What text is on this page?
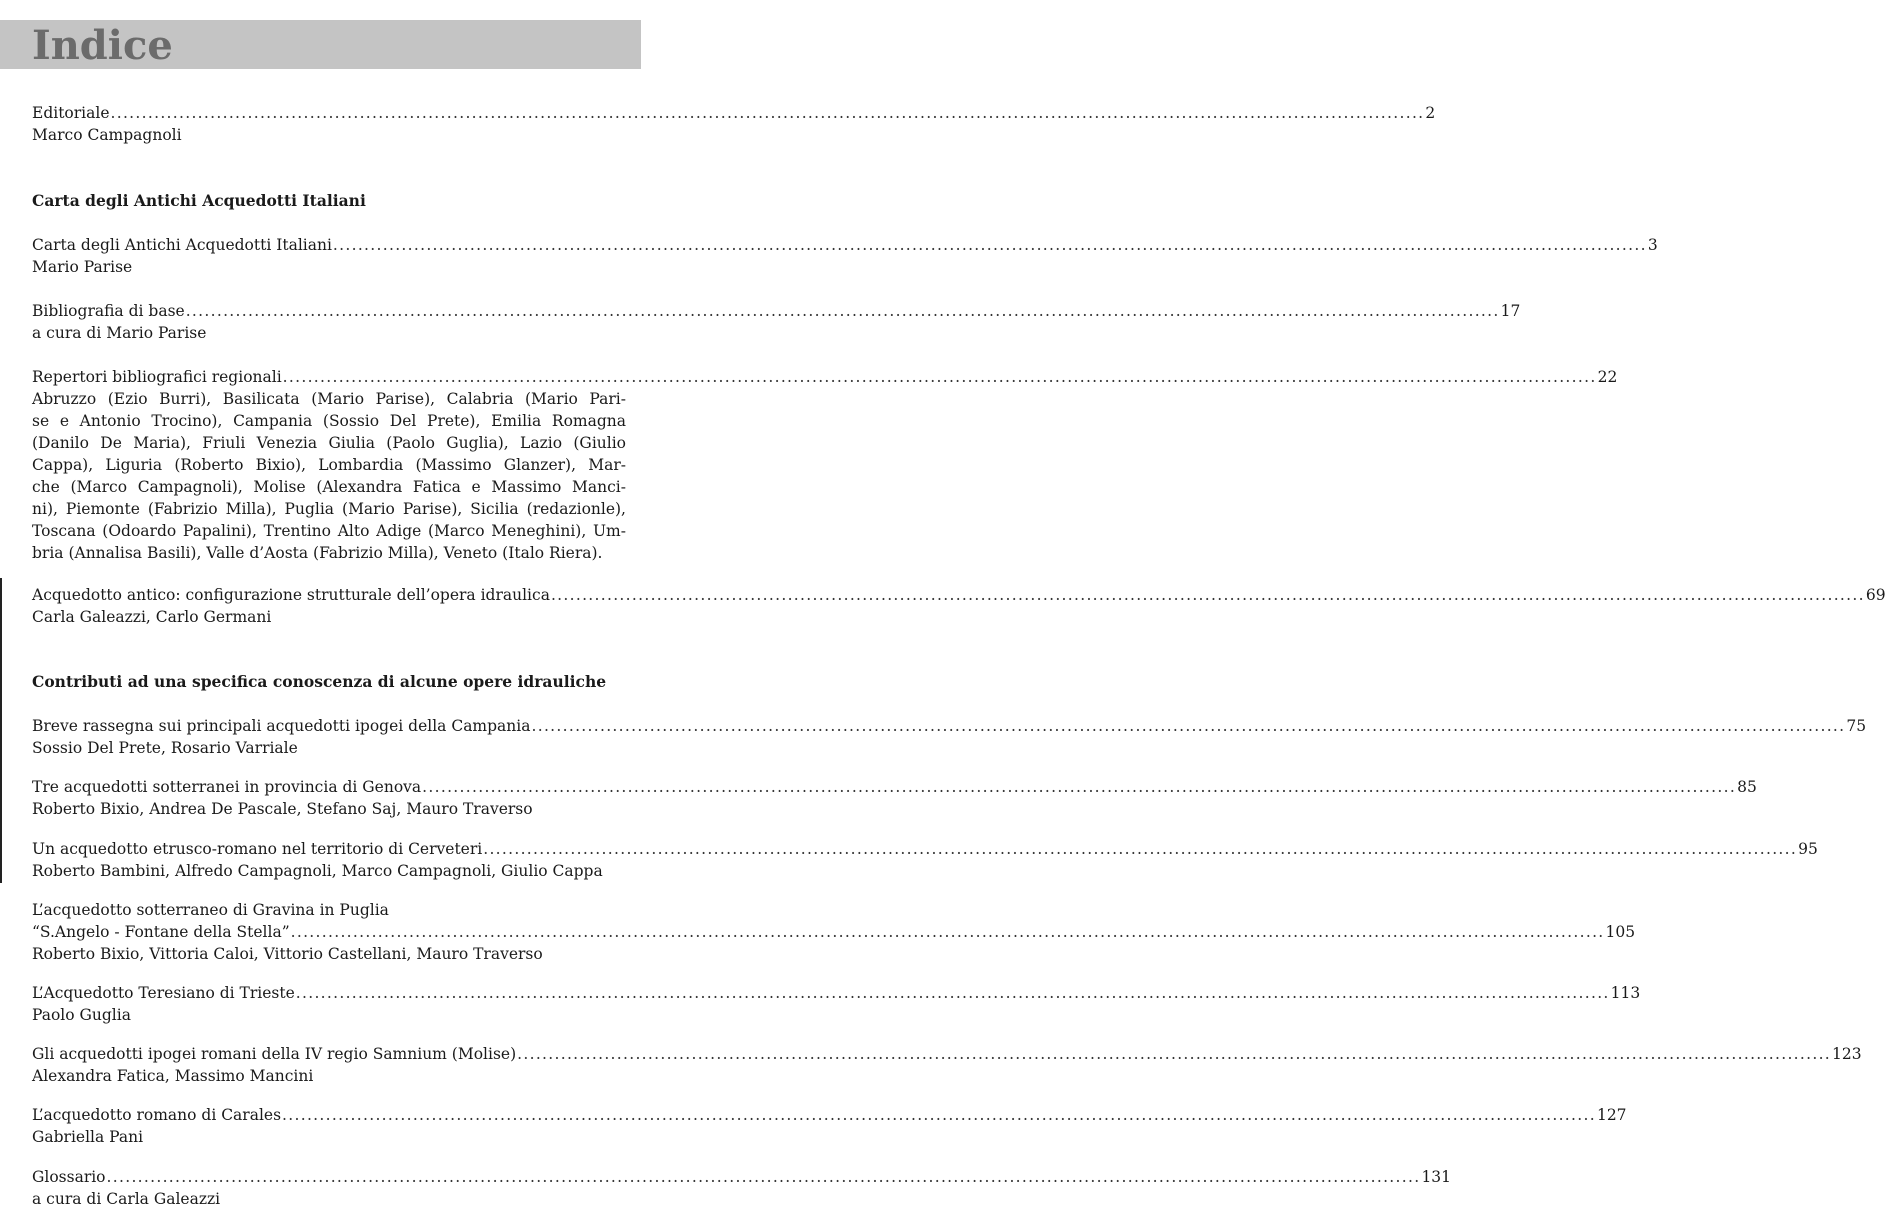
Indice
Editoriale ................................................................................................................................................................................................................... 2
Marco Campagnoli
Carta degli Antichi Acquedotti Italiani
Carta degli Antichi Acquedotti Italiani ................................................................................................................................................................................................................... 3
Mario Parise
Bibliografia di base ................................................................................................................................................................................................................... 17
a cura di Mario Parise
Repertori bibliografici regionali ................................................................................................................................................................................................................... 22
Abruzzo (Ezio Burri), Basilicata (Mario Parise), Calabria (Mario Pari-
se e Antonio Trocino), Campania (Sossio Del Prete), Emilia Romagna
(Danilo De Maria), Friuli Venezia Giulia (Paolo Guglia), Lazio (Giulio
Cappa), Liguria (Roberto Bixio), Lombardia (Massimo Glanzer), Mar-
che (Marco Campagnoli), Molise (Alexandra Fatica e Massimo Manci-
ni), Piemonte (Fabrizio Milla), Puglia (Mario Parise), Sicilia (redazionle),
Toscana (Odoardo Papalini), Trentino Alto Adige (Marco Meneghini), Um-
bria (Annalisa Basili), Valle d’Aosta (Fabrizio Milla), Veneto (Italo Riera).
Acquedotto antico: configurazione strutturale dell’opera idraulica ................................................................................................................................................................................................................... 69
Carla Galeazzi, Carlo Germani
Contributi ad una specifica conoscenza di alcune opere idrauliche
Breve rassegna sui principali acquedotti ipogei della Campania ................................................................................................................................................................................................................... 75
Sossio Del Prete, Rosario Varriale
Tre acquedotti sotterranei in provincia di Genova ................................................................................................................................................................................................................... 85
Roberto Bixio, Andrea De Pascale, Stefano Saj, Mauro Traverso
Un acquedotto etrusco-romano nel territorio di Cerveteri ................................................................................................................................................................................................................... 95
Roberto Bambini, Alfredo Campagnoli, Marco Campagnoli, Giulio Cappa
L’acquedotto sotterraneo di Gravina in Puglia
“S.Angelo - Fontane della Stella” ................................................................................................................................................................................................................... 105
Roberto Bixio, Vittoria Caloi, Vittorio Castellani, Mauro Traverso
L’Acquedotto Teresiano di Trieste ................................................................................................................................................................................................................... 113
Paolo Guglia
Gli acquedotti ipogei romani della IV regio Samnium (Molise) ................................................................................................................................................................................................................... 123
Alexandra Fatica, Massimo Mancini
L’acquedotto romano di Carales ................................................................................................................................................................................................................... 127
Gabriella Pani
Glossario ................................................................................................................................................................................................................... 131
a cura di Carla Galeazzi
